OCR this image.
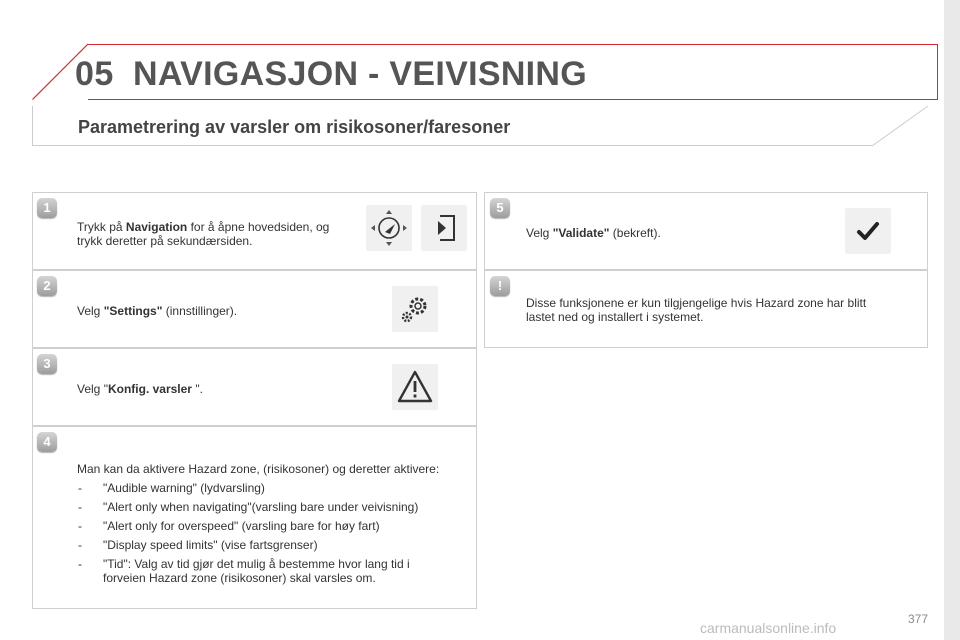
05 NAVIGASJON - VEIVISNING
Parametrering av varsler om risikosoner/faresoner
1
Trykk på Navigation for å åpne hovedsiden, og
trykk deretter på sekundærsiden.
2
Velg "Settings" (innstillinger).
3
Velg "Konfig. varsler ".
4
Man kan da aktivere Hazard zone, (risikosoner) og deretter aktivere:
- "Audible warning" (lydvarsling)
- "Alert only when navigating"(varsling bare under veivisning)
- "Alert only for overspeed" (varsling bare for høy fart)
- "Display speed limits" (vise fartsgrenser)
- "Tid": Valg av tid gjør det mulig å bestemme hvor lang tid i forveien Hazard zone (risikosoner) skal varsles om.
5
Velg "Validate" (bekreft).
!
Disse funksjonene er kun tilgjengelige hvis Hazard zone har blitt
lastet ned og installert i systemet.
carmanualsonline.info
377
